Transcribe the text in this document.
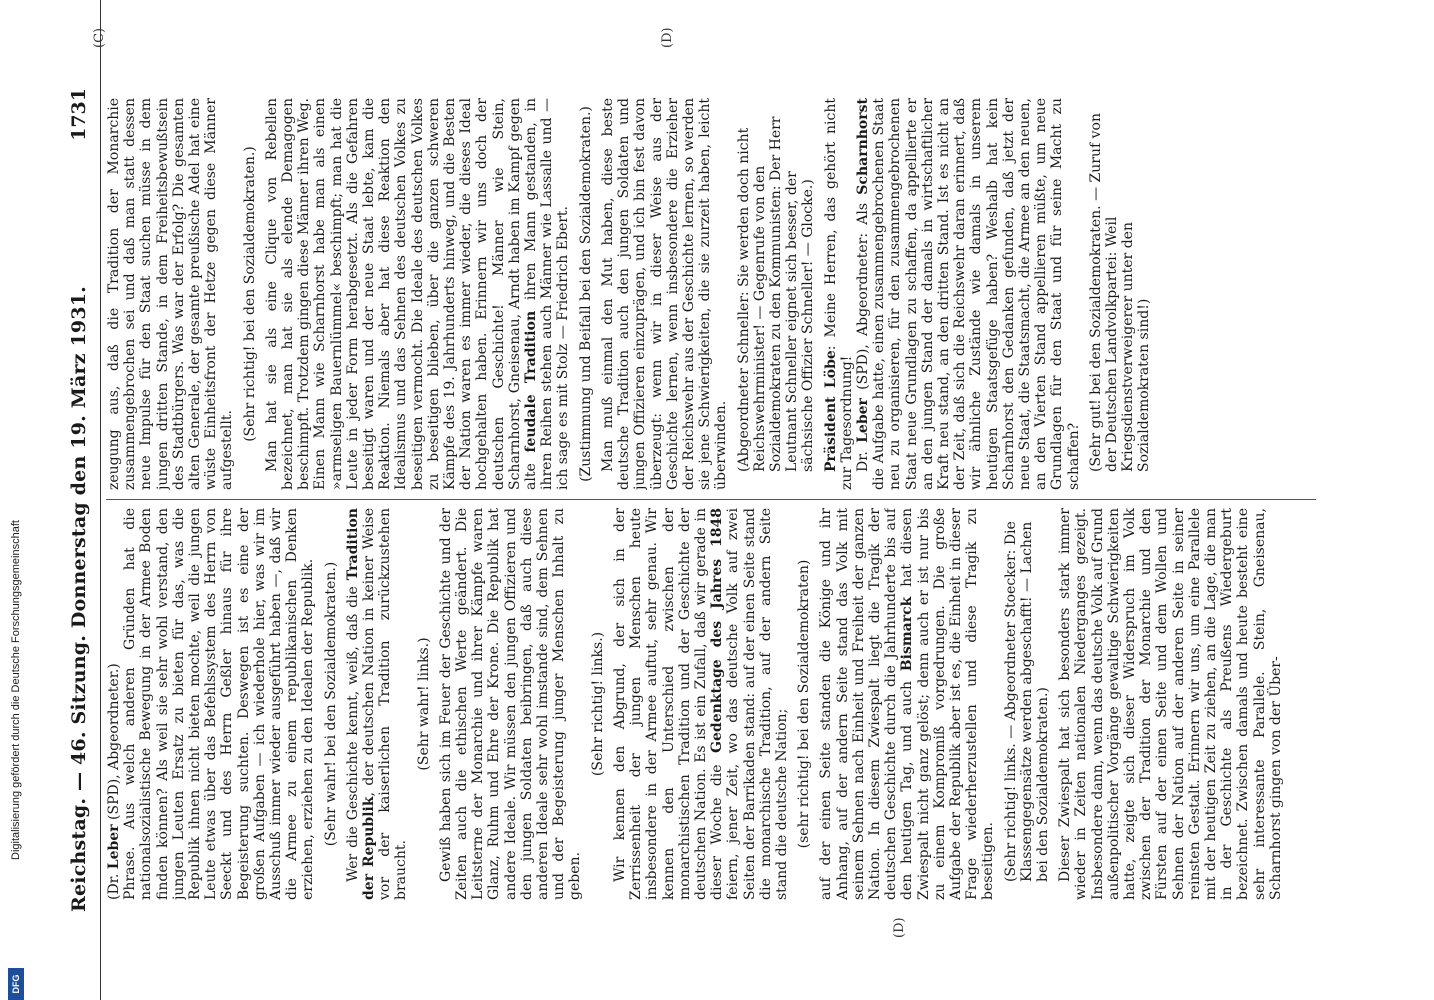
DFG
Digitalisierung gefördert durch die Deutsche Forschungsgemeinschaft Reichstag. — 46. Sitzung. Donnerstag den 19. März 1931.
1731

(Dr. Leber (SPD), Abgeordneter.) Phrase. Aus welch anderen Gründen hat die nationalsozialistische Bewegung in der Armee Boden finden können? Als weil sie sehr wohl verstand, den jungen Leuten Ersatz zu bieten für das, was die Republik ihnen nicht bieten mochte, weil die jungen Leute etwas über das Befehlssystem des Herrn von Seeckt und des Herrn Geßler hinaus für ihre Begeisterung suchten. Deswegen ist es eine der großen Aufgaben — ich wiederhole hier, was wir im Ausschuß immer wieder ausgeführt haben —, daß wir die Armee zu einem republikanischen Denken erziehen, erziehen zu den Idealen der Republik. (Sehr wahr! bei den Sozialdemokraten.) Wer die Geschichte kennt, weiß, daß die Tradition der Republik, der deutschen Nation in keiner Weise vor der kaiserlichen Tradition zurückzustehen braucht.

(Sehr wahr! links.) Gewiß haben sich im Feuer der Geschichte und der Zeiten auch die ethischen Werte geändert. Die Leitsterne der Monarchie und ihrer Kämpfe waren Glanz, Ruhm und Ehre der Krone. Die Republik hat andere Ideale. Wir müssen den jungen Offizieren und den jungen Soldaten beibringen, daß auch diese anderen Ideale sehr wohl imstande sind, dem Sehnen und der Begeisterung junger Menschen Inhalt zu geben.

(Sehr richtig! links.) Wir kennen den Abgrund, der sich in der Zerrissenheit der jungen Menschen heute insbesondere in der Armee auftut, sehr genau. Wir kennen den Unterschied zwischen der monarchistischen Tradition und der Geschichte der deutschen Nation. Es ist ein Zufall, daß wir gerade in dieser Woche die Gedenktage des Jahres 1848 feiern, jener Zeit, wo das deutsche Volk auf zwei Seiten der Barrikaden stand: auf der einen Seite stand die monarchische Tradition, auf der andern Seite stand die deutsche Nation; (sehr richtig! bei den Sozialdemokraten) auf der einen Seite standen die Könige und ihr Anhang, auf der andern Seite stand das Volk mit seinem Sehnen nach Einheit und Freiheit der ganzen Nation. In diesem Zwiespalt liegt die Tragik der deutschen Geschichte durch die Jahrhunderte bis auf den heutigen Tag, und auch Bismarck hat diesen Zwiespalt nicht ganz gelöst; denn auch er ist nur bis zu einem Kompromiß vorgedrungen. Die große Aufgabe der Republik aber ist es, die Einheit in dieser Frage wiederherzustellen und diese Tragik zu beseitigen. (Sehr richtig! links. — Abgeordneter Stoecker: Die Klassengegensätze werden abgeschafft! — Lachen bei den Sozialdemokraten.) Dieser Zwiespalt hat sich besonders stark immer wieder in Zeiten nationalen Niederganges gezeigt. Insbesondere dann, wenn das deutsche Volk auf Grund außenpolitischer Vorgänge gewaltige Schwierigkeiten hatte, zeigte sich dieser Widerspruch im Volk zwischen der Tradition der Monarchie und den Fürsten auf der einen Seite und dem Wollen und Sehnen der Nation auf der anderen Seite in seiner reinsten Gestalt. Erinnern wir uns, um eine Parallele mit der heutigen Zeit zu ziehen, an die Lage, die man in der Geschichte als Preußens Wiedergeburt bezeichnet. Zwischen damals und heute besteht eine sehr interessante Parallele. Stein, Gneisenau, Scharnhorst gingen von der Über-

zeugung aus, daß die Tradition der Monarchie zusammengebrochen sei und daß man statt dessen neue Impulse für den Staat suchen müsse in dem jungen dritten Stande, in dem Freiheitsbewußtsein des Stadtbürgers. Was war der Erfolg? Die gesamten alten Generale, der gesamte preußische Adel hat eine wüste Einheitsfront der Hetze gegen diese Männer aufgestellt.

(Sehr richtig! bei den Sozialdemokraten.) Man hat sie als eine Clique von Rebellen bezeichnet, man hat sie als elende Demagogen beschimpft. Trotzdem gingen diese Männer ihren Weg. Einen Mann wie Scharnhorst habe man als einen »armseligen Bauernlümmel« beschimpft; man hat die Leute in jeder Form herabgesetzt. Als die Gefahren beseitigt waren und der neue Staat lebte, kam die Reaktion. Niemals aber hat diese Reaktion den Idealismus und das Sehnen des deutschen Volkes zu beseitigen vermocht. Die Ideale des deutschen Volkes zu beseitigen blieben, über die ganzen schweren Kämpfe des 19. Jahrhunderts hinweg, und die Besten der Nation waren es immer wieder, die dieses Ideal hochgehalten haben. Erinnern wir uns doch der deutschen Geschichte! Männer wie Stein, Scharnhorst, Gneisenau, Arndt haben im Kampf gegen alte feudale Tradition ihren Mann gestanden, in ihren Reihen stehen auch Männer wie Lassalle und — ich sage es mit Stolz — Friedrich Ebert. (Zustimmung und Beifall bei den Sozialdemokraten.) Man muß einmal den Mut haben, diese beste deutsche Tradition auch den jungen Soldaten und jungen Offizieren einzuprägen, und ich bin fest davon überzeugt: wenn wir in dieser Weise aus der Geschichte lernen, wenn insbesondere die Erzieher der Reichswehr aus der Geschichte lernen, so werden sie jene Schwierigkeiten, die sie zurzeit haben, leicht überwinden. (Abgeordneter Schneller: Sie werden doch nicht Reichswehrminister! — Gegenrufe von den Sozialdemokraten zu den Kommunisten: Der Herr Leutnant Schneller eignet sich besser, der sächsische Offizier Schneller! — Glocke.) Präsident Löbe: Meine Herren, das gehört nicht zur Tagesordnung! Dr. Leber (SPD), Abgeordneter: Als Scharnhorst die Aufgabe hatte, einen zusammengebrochenen Staat neu zu organisieren, für den zusammengebrochenen Staat neue Grundlagen zu schaffen, da appellierte er an den jungen Stand der damals in wirtschaftlicher Kraft neu stand, an den dritten Stand. Ist es nicht an der Zeit, daß sich die Reichswehr daran erinnert, daß wir ähnliche Zustände wie damals in unserem heutigen Staatsgefüge haben? Weshalb hat kein Scharnhorst den Gedanken gefunden, daß jetzt der neue Staat, die Staatsmacht, die Armee an den neuen, an den Vierten Stand appellieren müßte, um neue Grundlagen für den Staat und für seine Macht zu schaffen? (Sehr gut! bei den Sozialdemokraten. — Zuruf von der Deutschen Landvolkpartei: Weil Kriegsdienstverweigerer unter den Sozialdemokraten sind!)

(C)	(D)
(D)
